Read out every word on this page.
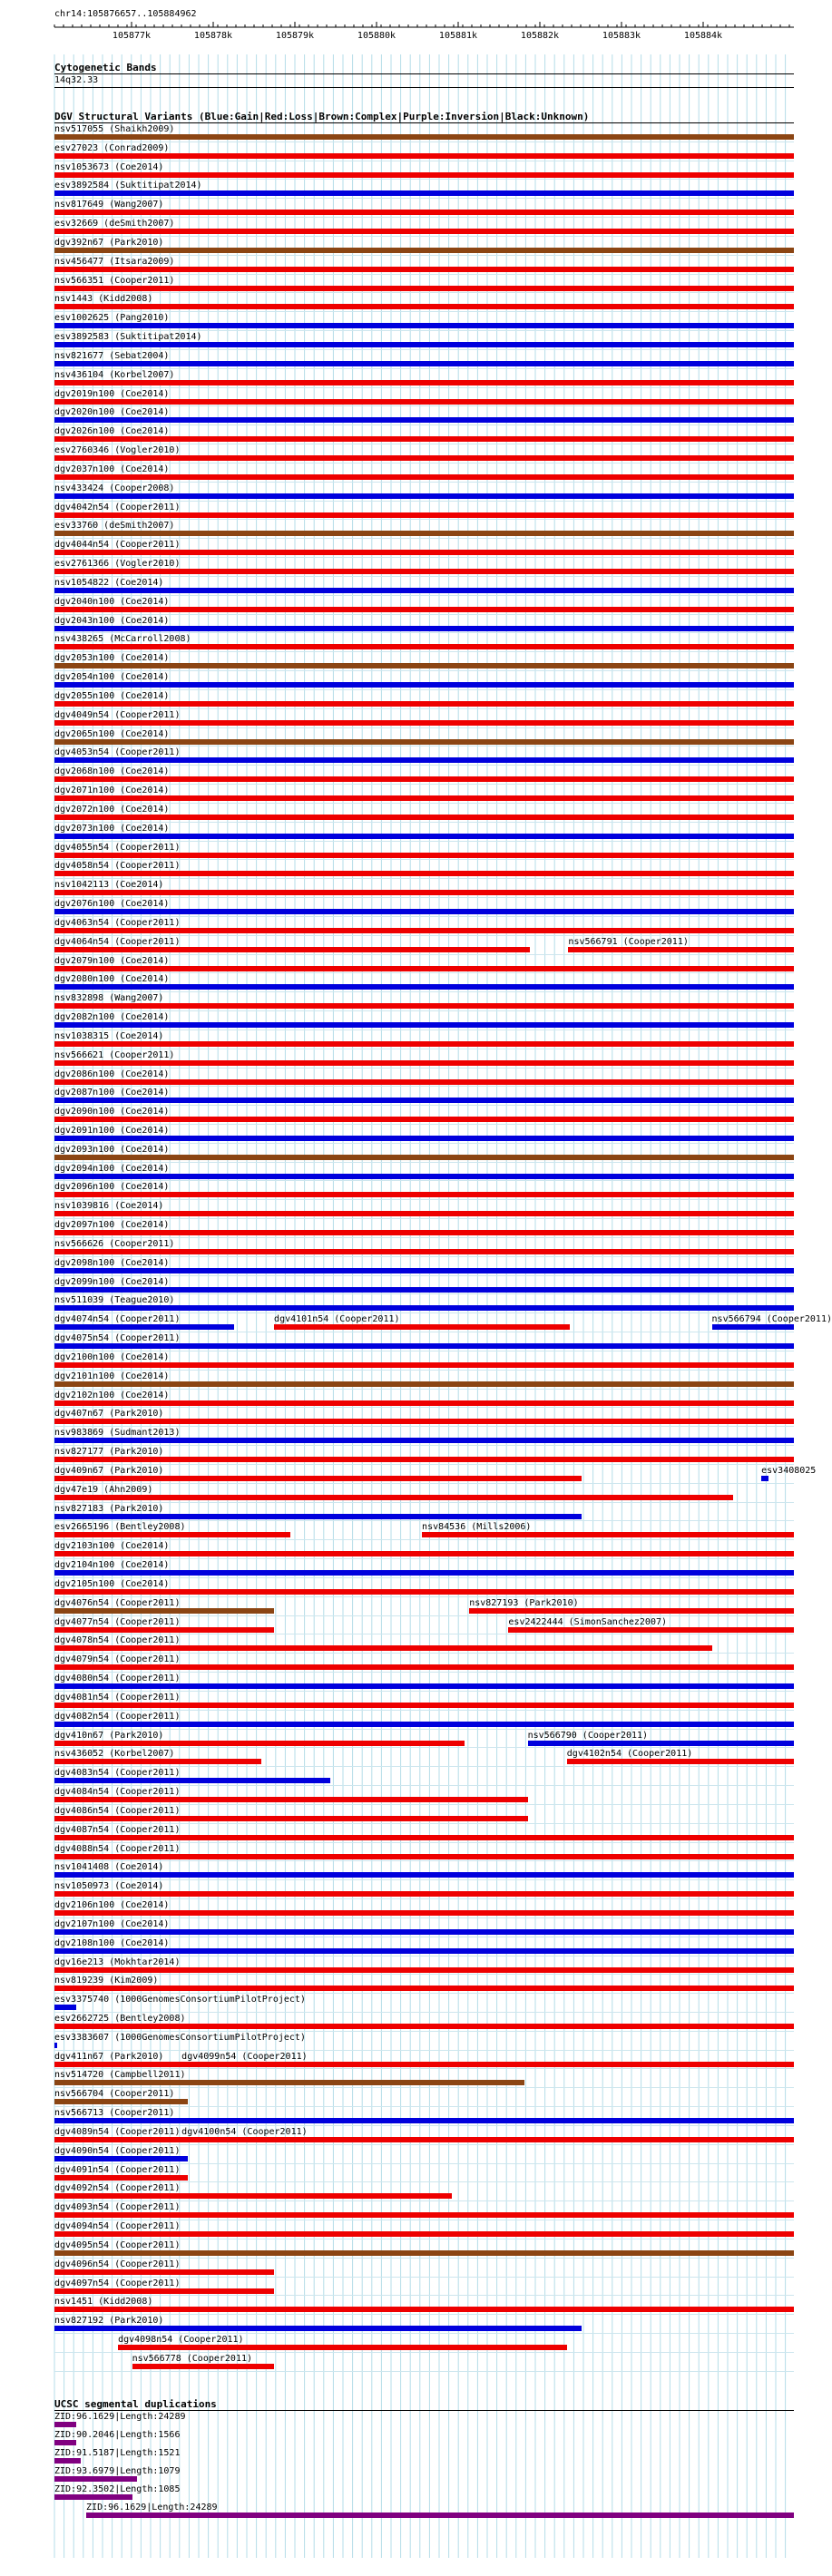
chr14:105876657..105884962
105877k	105878k	105879k	105880k	105881k	105882k	105883k	105884k
Cytogenetic Bands
14q32.33
DGV Structural Variants (Blue:Gain|Red:Loss|Brown:Complex|Purple:Inversion|Black:Unknown)
nsv517055 (Shaikh2009)
esv27023 (Conrad2009)
nsv1053673 (Coe2014)
esv3892584 (Suktitipat2014)
nsv817649 (Wang2007)
esv32669 (deSmith2007)
dgv392n67 (Park2010)
nsv456477 (Itsara2009)
nsv566351 (Cooper2011)
nsv1443 (Kidd2008)
esv1002625 (Pang2010)
esv3892583 (Suktitipat2014)
nsv821677 (Sebat2004)
nsv436104 (Korbel2007)
dgv2019n100 (Coe2014)
dgv2020n100 (Coe2014)
dgv2026n100 (Coe2014)
esv2760346 (Vogler2010)
dgv2037n100 (Coe2014)
nsv433424 (Cooper2008)
dgv4042n54 (Cooper2011)
esv33760 (deSmith2007)
dgv4044n54 (Cooper2011)
esv2761366 (Vogler2010)
nsv1054822 (Coe2014)
dgv2040n100 (Coe2014)
dgv2043n100 (Coe2014)
nsv438265 (McCarroll2008)
dgv2053n100 (Coe2014)
dgv2054n100 (Coe2014)
dgv2055n100 (Coe2014)
dgv4049n54 (Cooper2011)
dgv2065n100 (Coe2014)
dgv4053n54 (Cooper2011)
dgv2068n100 (Coe2014)
dgv2071n100 (Coe2014)
dgv2072n100 (Coe2014)
dgv2073n100 (Coe2014)
dgv4055n54 (Cooper2011)
dgv4058n54 (Cooper2011)
nsv1042113 (Coe2014)
dgv2076n100 (Coe2014)
dgv4063n54 (Cooper2011)
dgv4064n54 (Cooper2011)	nsv566791 (Cooper2011)
dgv2079n100 (Coe2014)
dgv2080n100 (Coe2014)
nsv832898 (Wang2007)
dgv2082n100 (Coe2014)
nsv1038315 (Coe2014)
nsv566621 (Cooper2011)
dgv2086n100 (Coe2014)
dgv2087n100 (Coe2014)
dgv2090n100 (Coe2014)
dgv2091n100 (Coe2014)
dgv2093n100 (Coe2014)
dgv2094n100 (Coe2014)
dgv2096n100 (Coe2014)
nsv1039816 (Coe2014)
dgv2097n100 (Coe2014)
nsv566626 (Cooper2011)
dgv2098n100 (Coe2014)
dgv2099n100 (Coe2014)
nsv511039 (Teague2010)
dgv4074n54 (Cooper2011)	dgv4101n54 (Cooper2011)	nsv566794 (Cooper2011)
dgv4075n54 (Cooper2011)
dgv2100n100 (Coe2014)
dgv2101n100 (Coe2014)
dgv2102n100 (Coe2014)
dgv407n67 (Park2010)
nsv983869 (Sudmant2013)
nsv827177 (Park2010)
dgv409n67 (Park2010)	esv3408025
dgv47e19 (Ahn2009)
nsv827183 (Park2010)
esv2665196 (Bentley2008)	nsv84536 (Mills2006)
dgv2103n100 (Coe2014)
dgv2104n100 (Coe2014)
dgv2105n100 (Coe2014)
dgv4076n54 (Cooper2011)	nsv827193 (Park2010)
dgv4077n54 (Cooper2011)	esv2422444 (SimonSanchez2007)
dgv4078n54 (Cooper2011)
dgv4079n54 (Cooper2011)
dgv4080n54 (Cooper2011)
dgv4081n54 (Cooper2011)
dgv4082n54 (Cooper2011)
dgv410n67 (Park2010)	nsv566790 (Cooper2011)
nsv436052 (Korbel2007)	dgv4102n54 (Cooper2011)
dgv4083n54 (Cooper2011)
dgv4084n54 (Cooper2011)
dgv4086n54 (Cooper2011)
dgv4087n54 (Cooper2011)
dgv4088n54 (Cooper2011)
nsv1041408 (Coe2014)
nsv1050973 (Coe2014)
dgv2106n100 (Coe2014)
dgv2107n100 (Coe2014)
dgv2108n100 (Coe2014)
dgv16e213 (Mokhtar2014)
nsv819239 (Kim2009)
esv3375740 (1000GenomesConsortiumPilotProject)
esv2662725 (Bentley2008)
esv3383607 (1000GenomesConsortiumPilotProject)
dgv411n67 (Park2010) dgv4099n54 (Cooper2011)
nsv514720 (Campbell2011)
nsv566704 (Cooper2011)
nsv566713 (Cooper2011)
dgv4089n54 (Cooper2011) dgv4100n54 (Cooper2011)
dgv4090n54 (Cooper2011)
dgv4091n54 (Cooper2011)
dgv4092n54 (Cooper2011)
dgv4093n54 (Cooper2011)
dgv4094n54 (Cooper2011)
dgv4095n54 (Cooper2011)
dgv4096n54 (Cooper2011)
dgv4097n54 (Cooper2011)
nsv1451 (Kidd2008)
nsv827192 (Park2010)
dgv4098n54 (Cooper2011)
nsv566778 (Cooper2011)
UCSC segmental duplications
ZID:96.1629|Length:24289
ZID:90.2046|Length:1566
ZID:91.5187|Length:1521
ZID:93.6979|Length:1079
ZID:92.3502|Length:1085
ZID:96.1629|Length:24289
